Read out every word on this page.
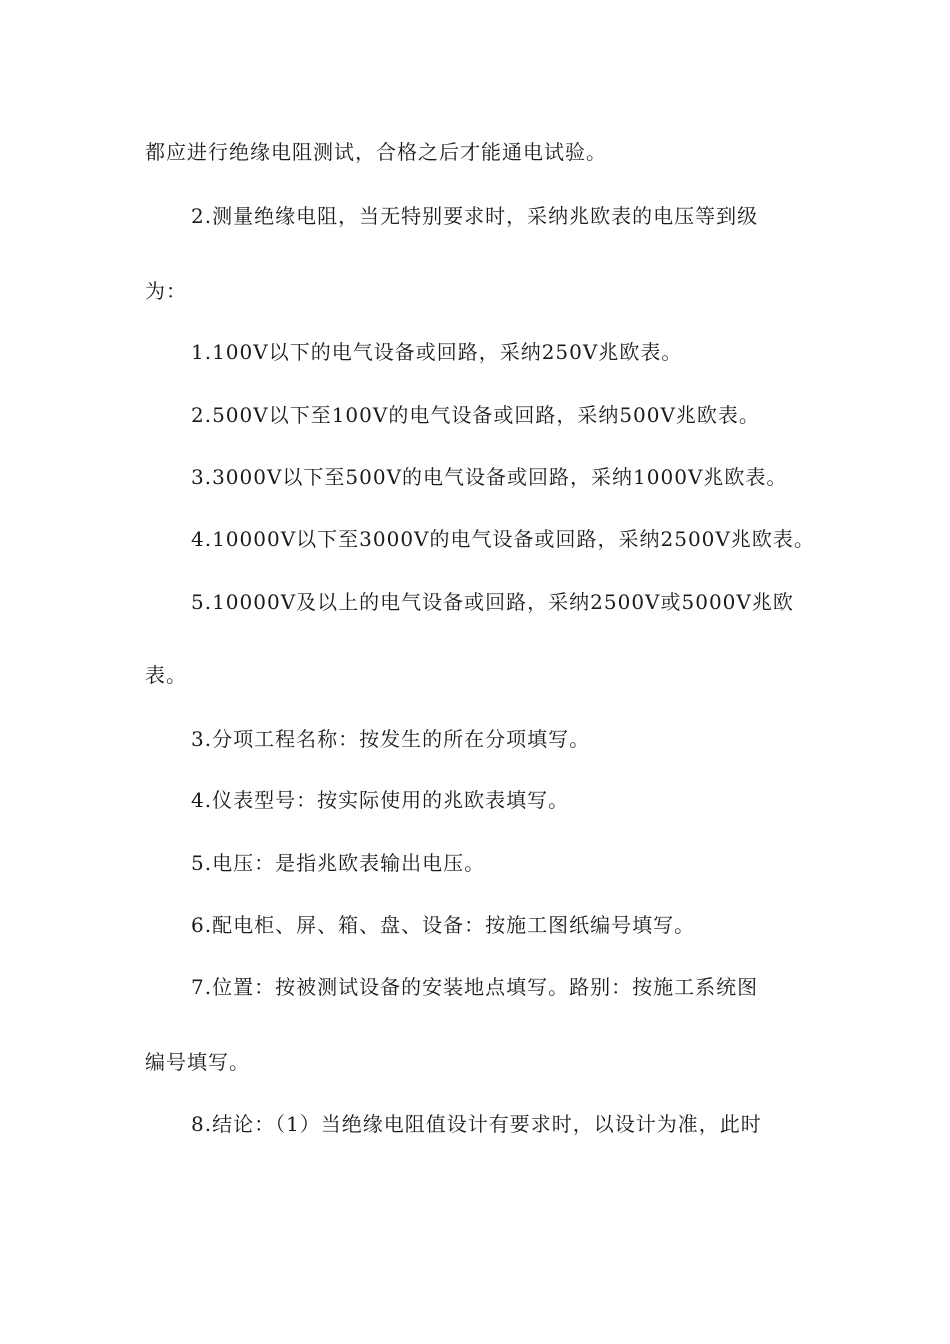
都应进行绝缘电阻测试，合格之后才能通电试验。
2.测量绝缘电阻，当无特别要求时，采纳兆欧表的电压等到级
为：
1.100V以下的电气设备或回路，采纳250V兆欧表。
2.500V以下至100V的电气设备或回路，采纳500V兆欧表。
3.3000V以下至500V的电气设备或回路，采纳1000V兆欧表。
4.10000V以下至3000V的电气设备或回路，采纳2500V兆欧表。
5.10000V及以上的电气设备或回路，采纳2500V或5000V兆欧
表。
3.分项工程名称：按发生的所在分项填写。
4.仪表型号：按实际使用的兆欧表填写。
5.电压：是指兆欧表输出电压。
6.配电柜、屏、箱、盘、设备：按施工图纸编号填写。
7.位置：按被测试设备的安装地点填写。路别：按施工系统图
编号填写。
8.结论：（1）当绝缘电阻值设计有要求时，以设计为准，此时
